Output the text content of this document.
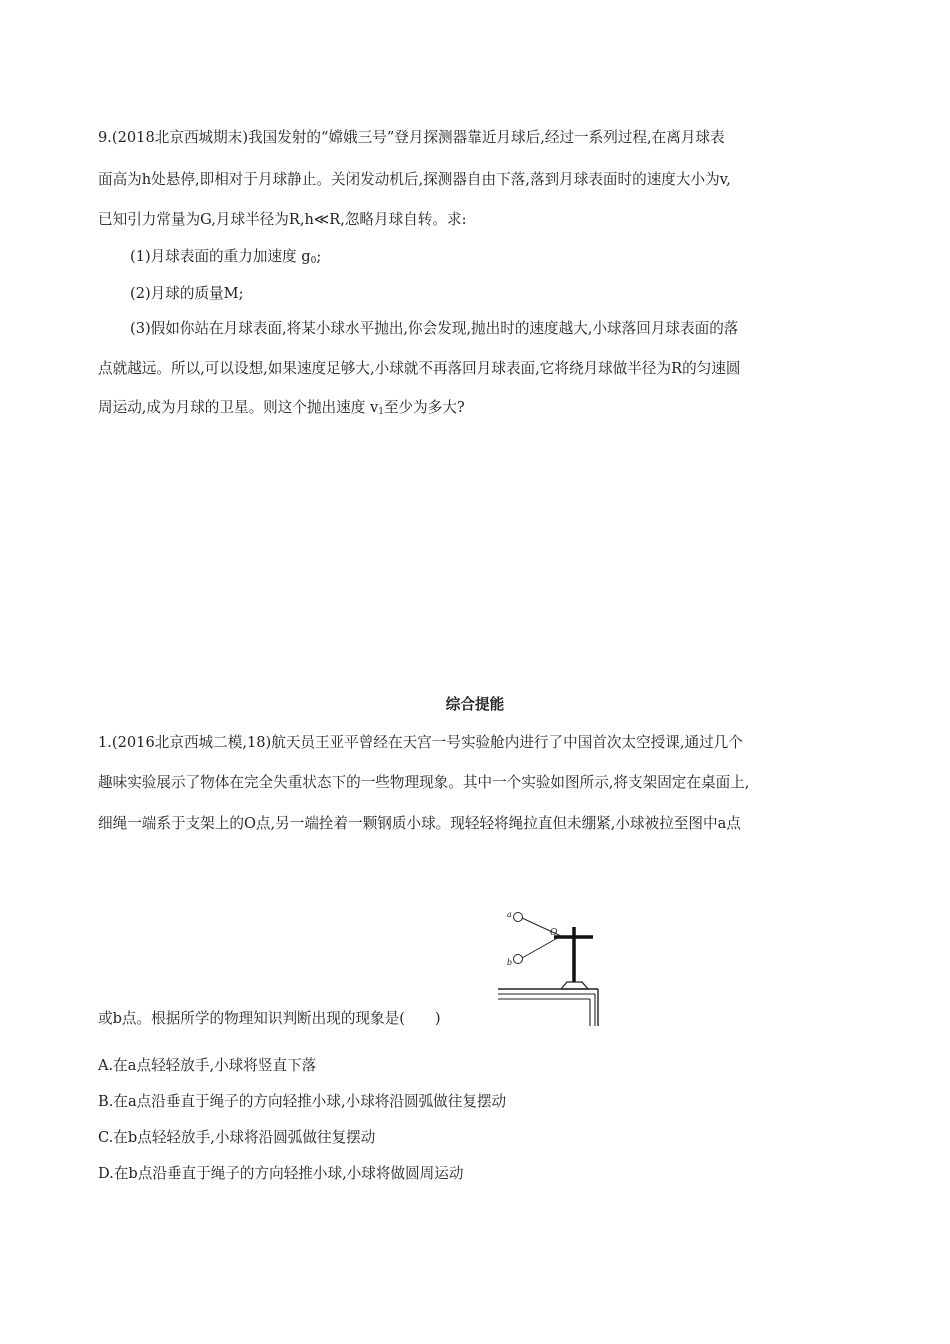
9.(2018北京西城期末)我国发射的“嫦娥三号”登月探测器靠近月球后,经过一系列过程,在离月球表

面高为h处悬停,即相对于月球静止。关闭发动机后,探测器自由下落,落到月球表面时的速度大小为v,

已知引力常量为G,月球半径为R,h≪R,忽略月球自转。求:

(1)月球表面的重力加速度 $g_0$;

(2)月球的质量M;

(3)假如你站在月球表面,将某小球水平抛出,你会发现,抛出时的速度越大,小球落回月球表面的落

点就越远。所以,可以设想,如果速度足够大,小球就不再落回月球表面,它将绕月球做半径为R的匀速圆

周运动,成为月球的卫星。则这个抛出速度 $v_1$至少为多大?

综合提能

1.(2016北京西城二模,18)航天员王亚平曾经在天宫一号实验舱内进行了中国首次太空授课,通过几个

趣味实验展示了物体在完全失重状态下的一些物理现象。其中一个实验如图所示,将支架固定在桌面上,

细绳一端系于支架上的O点,另一端拴着一颗钢质小球。现轻轻将绳拉直但未绷紧,小球被拉至图中a点

a
O
b

或b点。根据所学的物理知识判断出现的现象是( )

A.在a点轻轻放手,小球将竖直下落

B.在a点沿垂直于绳子的方向轻推小球,小球将沿圆弧做往复摆动

C.在b点轻轻放手,小球将沿圆弧做往复摆动

D.在b点沿垂直于绳子的方向轻推小球,小球将做圆周运动
